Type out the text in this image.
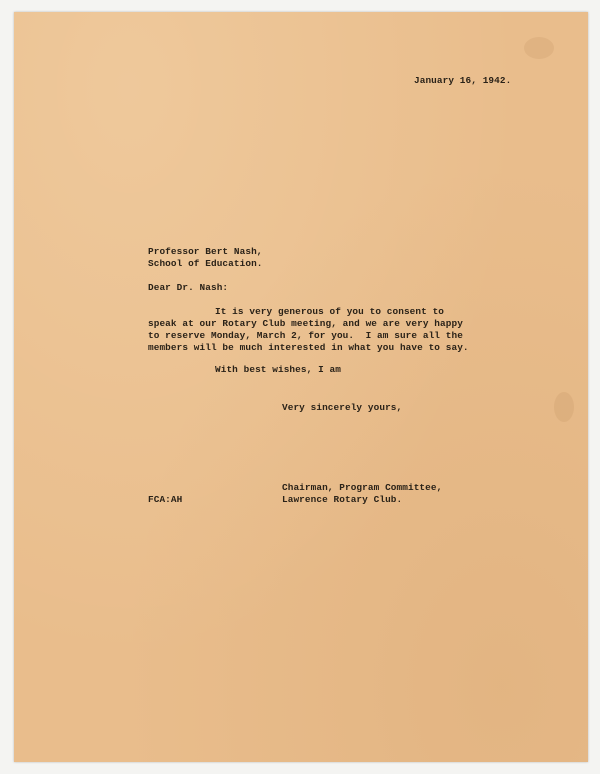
January 16, 1942.
Professor Bert Nash,
School of Education.
Dear Dr. Nash:
It is very generous of you to consent to
speak at our Rotary Club meeting, and we are very happy
to reserve Monday, March 2, for you.  I am sure all the
members will be much interested in what you have to say.
With best wishes, I am
Very sincerely yours,
Chairman, Program Committee,
FCA:AH	Lawrence Rotary Club.
